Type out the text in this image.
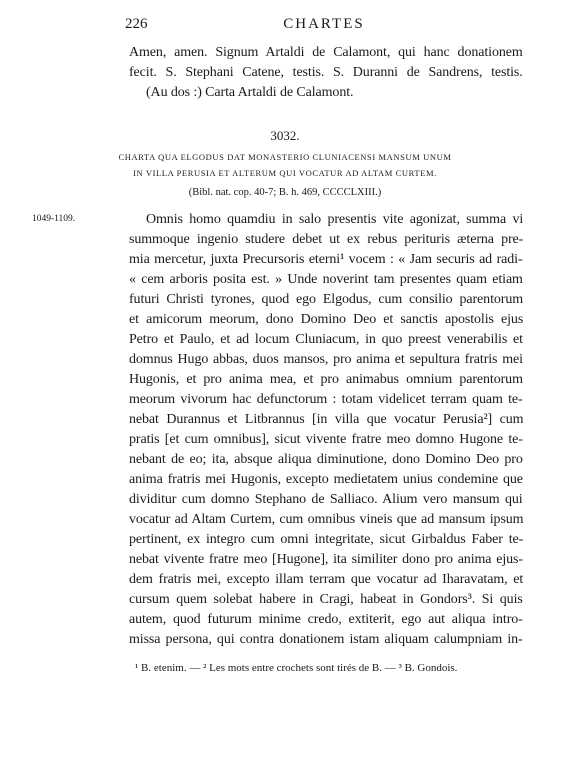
226	CHARTES
Amen, amen. Signum Artaldi de Calamont, qui hanc donationem
fecit. S. Stephani Catene, testis. S. Duranni de Sandrens, testis.
(Au dos :) Carta Artaldi de Calamont.
3032.
CHARTA QUA ELGODUS DAT MONASTERIO CLUNIACENSI MANSUM UNUM
IN VILLA PERUSIA ET ALTERUM QUI VOCATUR AD ALTAM CURTEM.
(Bibl. nat. cop. 40-7; B. h. 469, CCCCLXIII.)
1049-1109.	Omnis homo quamdiu in salo presentis vite agonizat, summa vi
summoque ingenio studere debet ut ex rebus perituris æterna pre-
mia mercetur, juxta Precursoris eterni¹ vocem : « Jam securis ad radi-
« cem arboris posita est. » Unde noverint tam presentes quam etiam
futuri Christi tyrones, quod ego Elgodus, cum consilio parentorum
et amicorum meorum, dono Domino Deo et sanctis apostolis ejus
Petro et Paulo, et ad locum Cluniacum, in quo preest venerabilis et
domnus Hugo abbas, duos mansos, pro anima et sepultura fratris mei
Hugonis, et pro anima mea, et pro animabus omnium parentorum
meorum vivorum hac defunctorum : totam videlicet terram quam te-
nebat Durannus et Litbrannus [in villa que vocatur Perusia²] cum
pratis [et cum omnibus], sicut vivente fratre meo domno Hugone te-
nebant de eo; ita, absque aliqua diminutione, dono Domino Deo pro
anima fratris mei Hugonis, excepto medietatem unius condemine que
dividitur cum domno Stephano de Salliaco. Alium vero mansum qui
vocatur ad Altam Curtem, cum omnibus vineis que ad mansum ipsum
pertinent, ex integro cum omni integritate, sicut Girbaldus Faber te-
nebat vivente fratre meo [Hugone], ita similiter dono pro anima ejus-
dem fratris mei, excepto illam terram que vocatur ad Iharavatam, et
cursum quem solebat habere in Cragi, habeat in Gondors³. Si quis
autem, quod futurum minime credo, extiterit, ego aut aliqua intro-
missa persona, qui contra donationem istam aliquam calumpniam in-
¹ B. etenim. — ² Les mots entre crochets sont tirés de B. — ³ B. Gondois.
